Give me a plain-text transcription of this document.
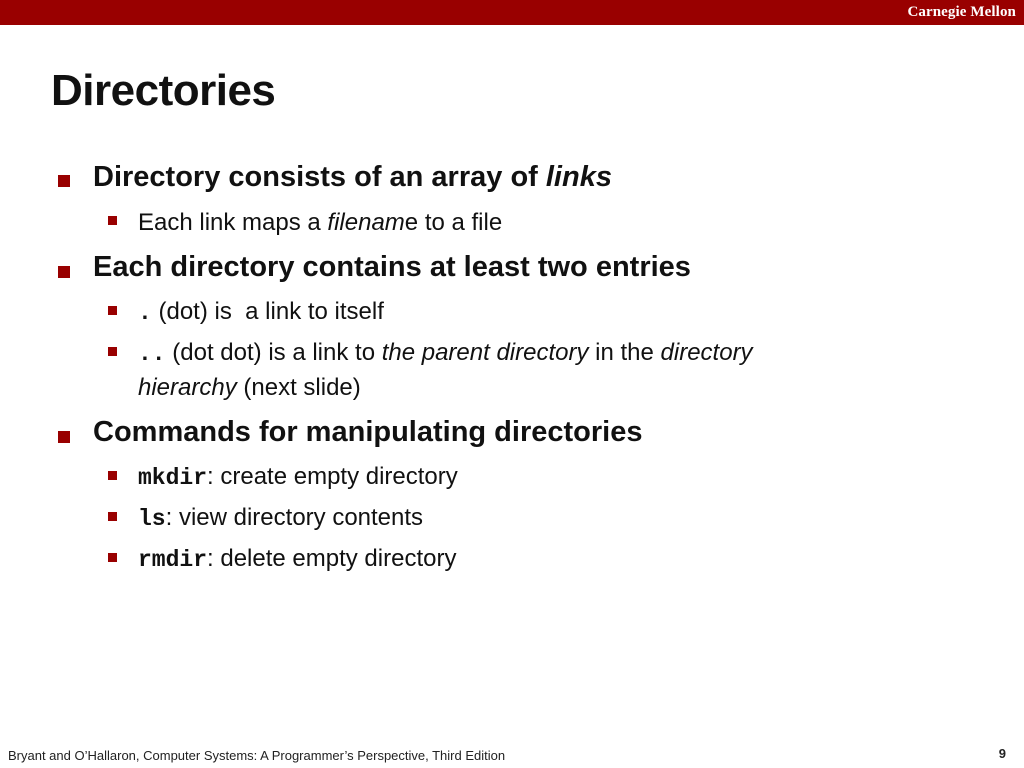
Carnegie Mellon
Directories
Directory consists of an array of links
Each link maps a filename to a file
Each directory contains at least two entries
. (dot) is  a link to itself
.. (dot dot) is a link to the parent directory in the directory
hierarchy (next slide)
Commands for manipulating directories
mkdir: create empty directory
ls: view directory contents
rmdir: delete empty directory
Bryant and O’Hallaron, Computer Systems: A Programmer’s Perspective, Third Edition	9
